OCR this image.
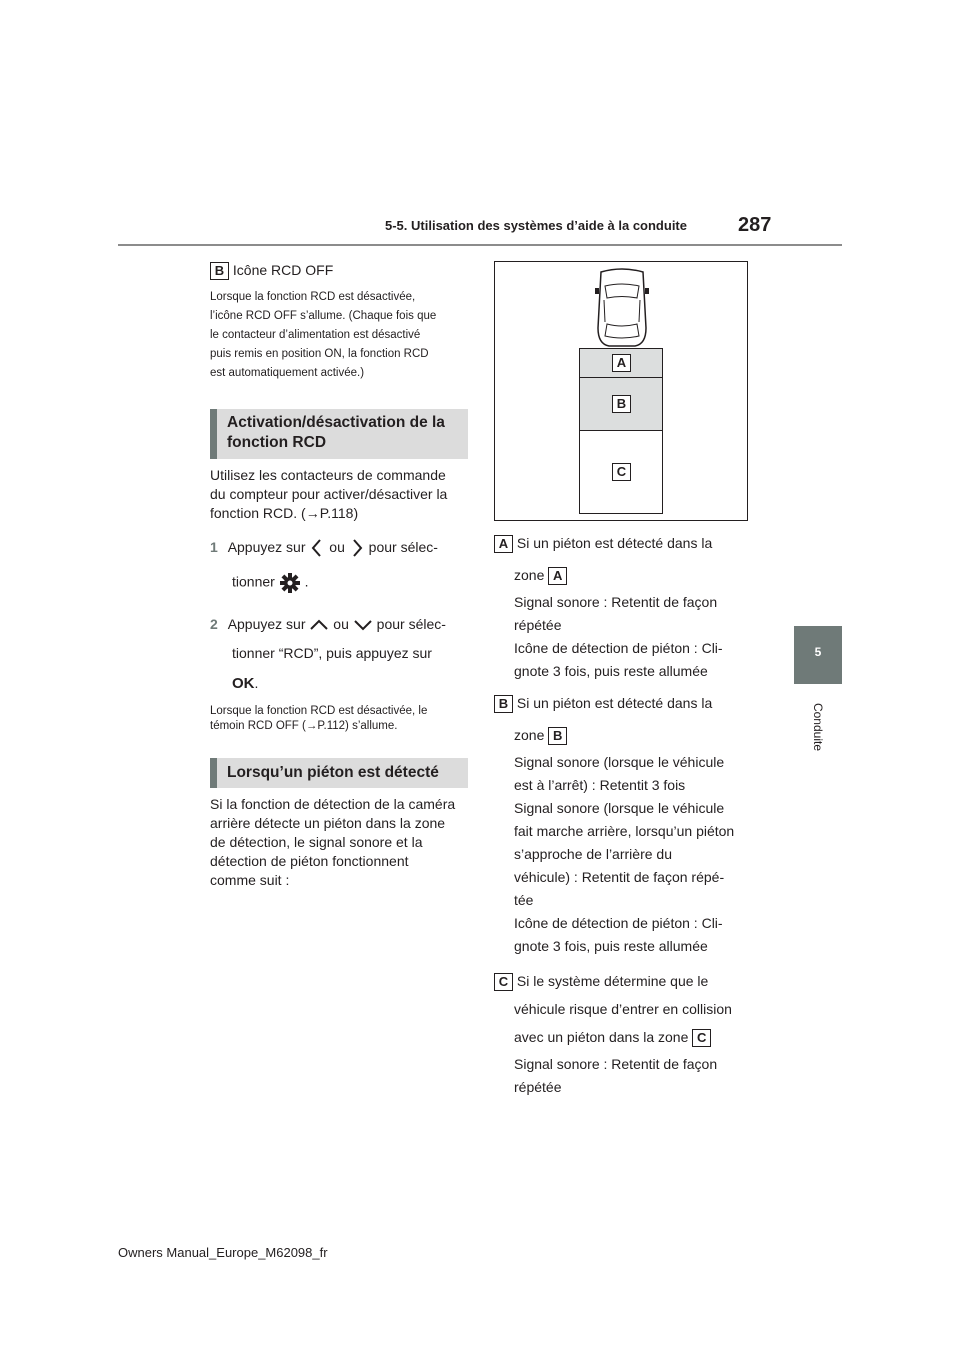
5-5. Utilisation des systèmes d’aide à la conduite	287
5
Conduite
B Icône RCD OFF
Lorsque la fonction RCD est désactivée,
l’icône RCD OFF s’allume. (Chaque fois que
le contacteur d’alimentation est désactivé
puis remis en position ON, la fonction RCD
est automatiquement activée.)
Activation/désactivation de la
fonction RCD
Utilisez les contacteurs de commande
du compteur pour activer/désactiver la
fonction RCD. (→P.118)
1 Appuyez sur ou pour sélec-
tionner .
2 Appuyez sur ou pour sélec-
tionner “RCD”, puis appuyez sur
OK.
Lorsque la fonction RCD est désactivée, le
témoin RCD OFF (→P.112) s’allume.
Lorsqu’un piéton est détecté
Si la fonction de détection de la caméra
arrière détecte un piéton dans la zone
de détection, le signal sonore et la
détection de piéton fonctionnent
comme suit :
A
B
C
A Si un piéton est détecté dans la
zone A
Signal sonore : Retentit de façon
répétée
Icône de détection de piéton : Cli-
gnote 3 fois, puis reste allumée
B Si un piéton est détecté dans la
zone B
Signal sonore (lorsque le véhicule
est à l’arrêt) : Retentit 3 fois
Signal sonore (lorsque le véhicule
fait marche arrière, lorsqu’un piéton
s’approche de l’arrière du
véhicule) : Retentit de façon répé-
tée
Icône de détection de piéton : Cli-
gnote 3 fois, puis reste allumée
C Si le système détermine que le
véhicule risque d’entrer en collision
avec un piéton dans la zone C
Signal sonore : Retentit de façon
répétée
Owners Manual_Europe_M62098_fr
